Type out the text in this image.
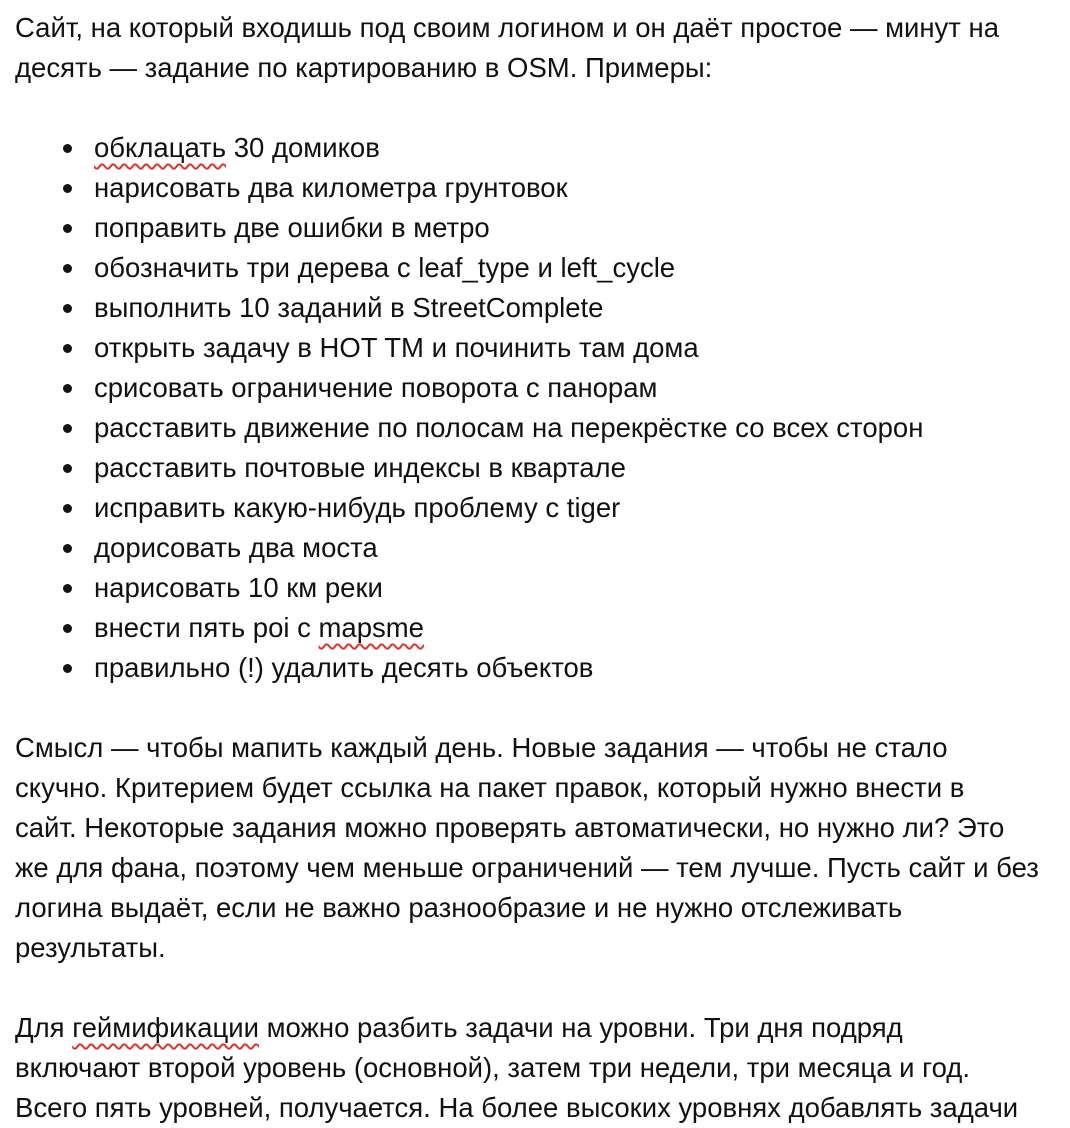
Сайт, на который входишь под своим логином и он даёт простое — минут на десять — задание по картированию в OSM. Примеры:

обклацать 30 домиков
нарисовать два километра грунтовок
поправить две ошибки в метро
обозначить три дерева с leaf_type и left_cycle
выполнить 10 заданий в StreetComplete
открыть задачу в HOT TM и починить там дома
срисовать ограничение поворота с панорам
расставить движение по полосам на перекрёстке со всех сторон
расставить почтовые индексы в квартале
исправить какую-нибудь проблему с tiger
дорисовать два моста
нарисовать 10 км реки
внести пять poi с mapsme
правильно (!) удалить десять объектов

Смысл — чтобы мапить каждый день. Новые задания — чтобы не стало
скучно. Критерием будет ссылка на пакет правок, который нужно внести в
сайт. Некоторые задания можно проверять автоматически, но нужно ли? Это
же для фана, поэтому чем меньше ограничений — тем лучше. Пусть сайт и без
логина выдаёт, если не важно разнообразие и не нужно отслеживать
результаты.

Для геймификации можно разбить задачи на уровни. Три дня подряд
включают второй уровень (основной), затем три недели, три месяца и год.
Всего пять уровней, получается. На более высоких уровнях добавлять задачи
